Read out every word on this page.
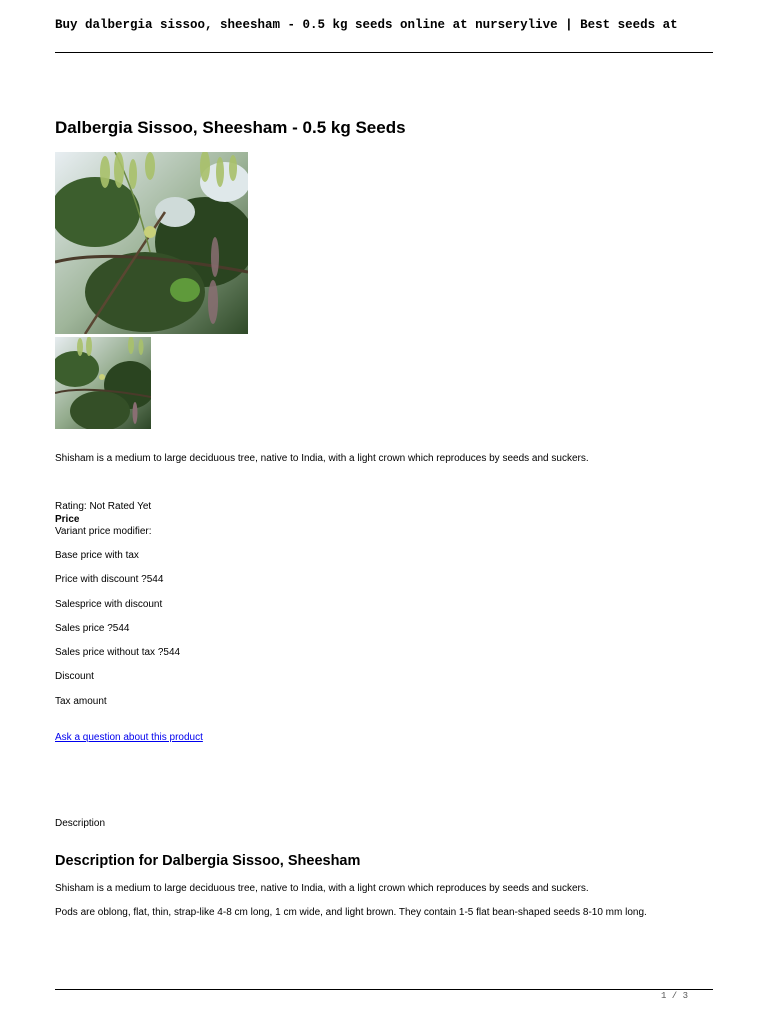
Buy dalbergia sissoo, sheesham - 0.5 kg seeds online at nurserylive | Best seeds at
Dalbergia Sissoo, Sheesham - 0.5 kg Seeds

Shisham is a medium to large deciduous tree, native to India, with a light crown which reproduces by seeds and suckers.

Rating: Not Rated Yet

Price

Variant price modifier:

Base price with tax

Price with discount ?544

Salesprice with discount

Sales price ?544

Sales price without tax ?544

Discount

Tax amount

Ask a question about this product

Description

Description for Dalbergia Sissoo, Sheesham

Shisham is a medium to large deciduous tree, native to India, with a light crown which reproduces by seeds and suckers.

Pods are oblong, flat, thin, strap-like 4-8 cm long, 1 cm wide, and light brown. They contain 1-5 flat bean-shaped seeds 8-10 mm long.

1 / 3
